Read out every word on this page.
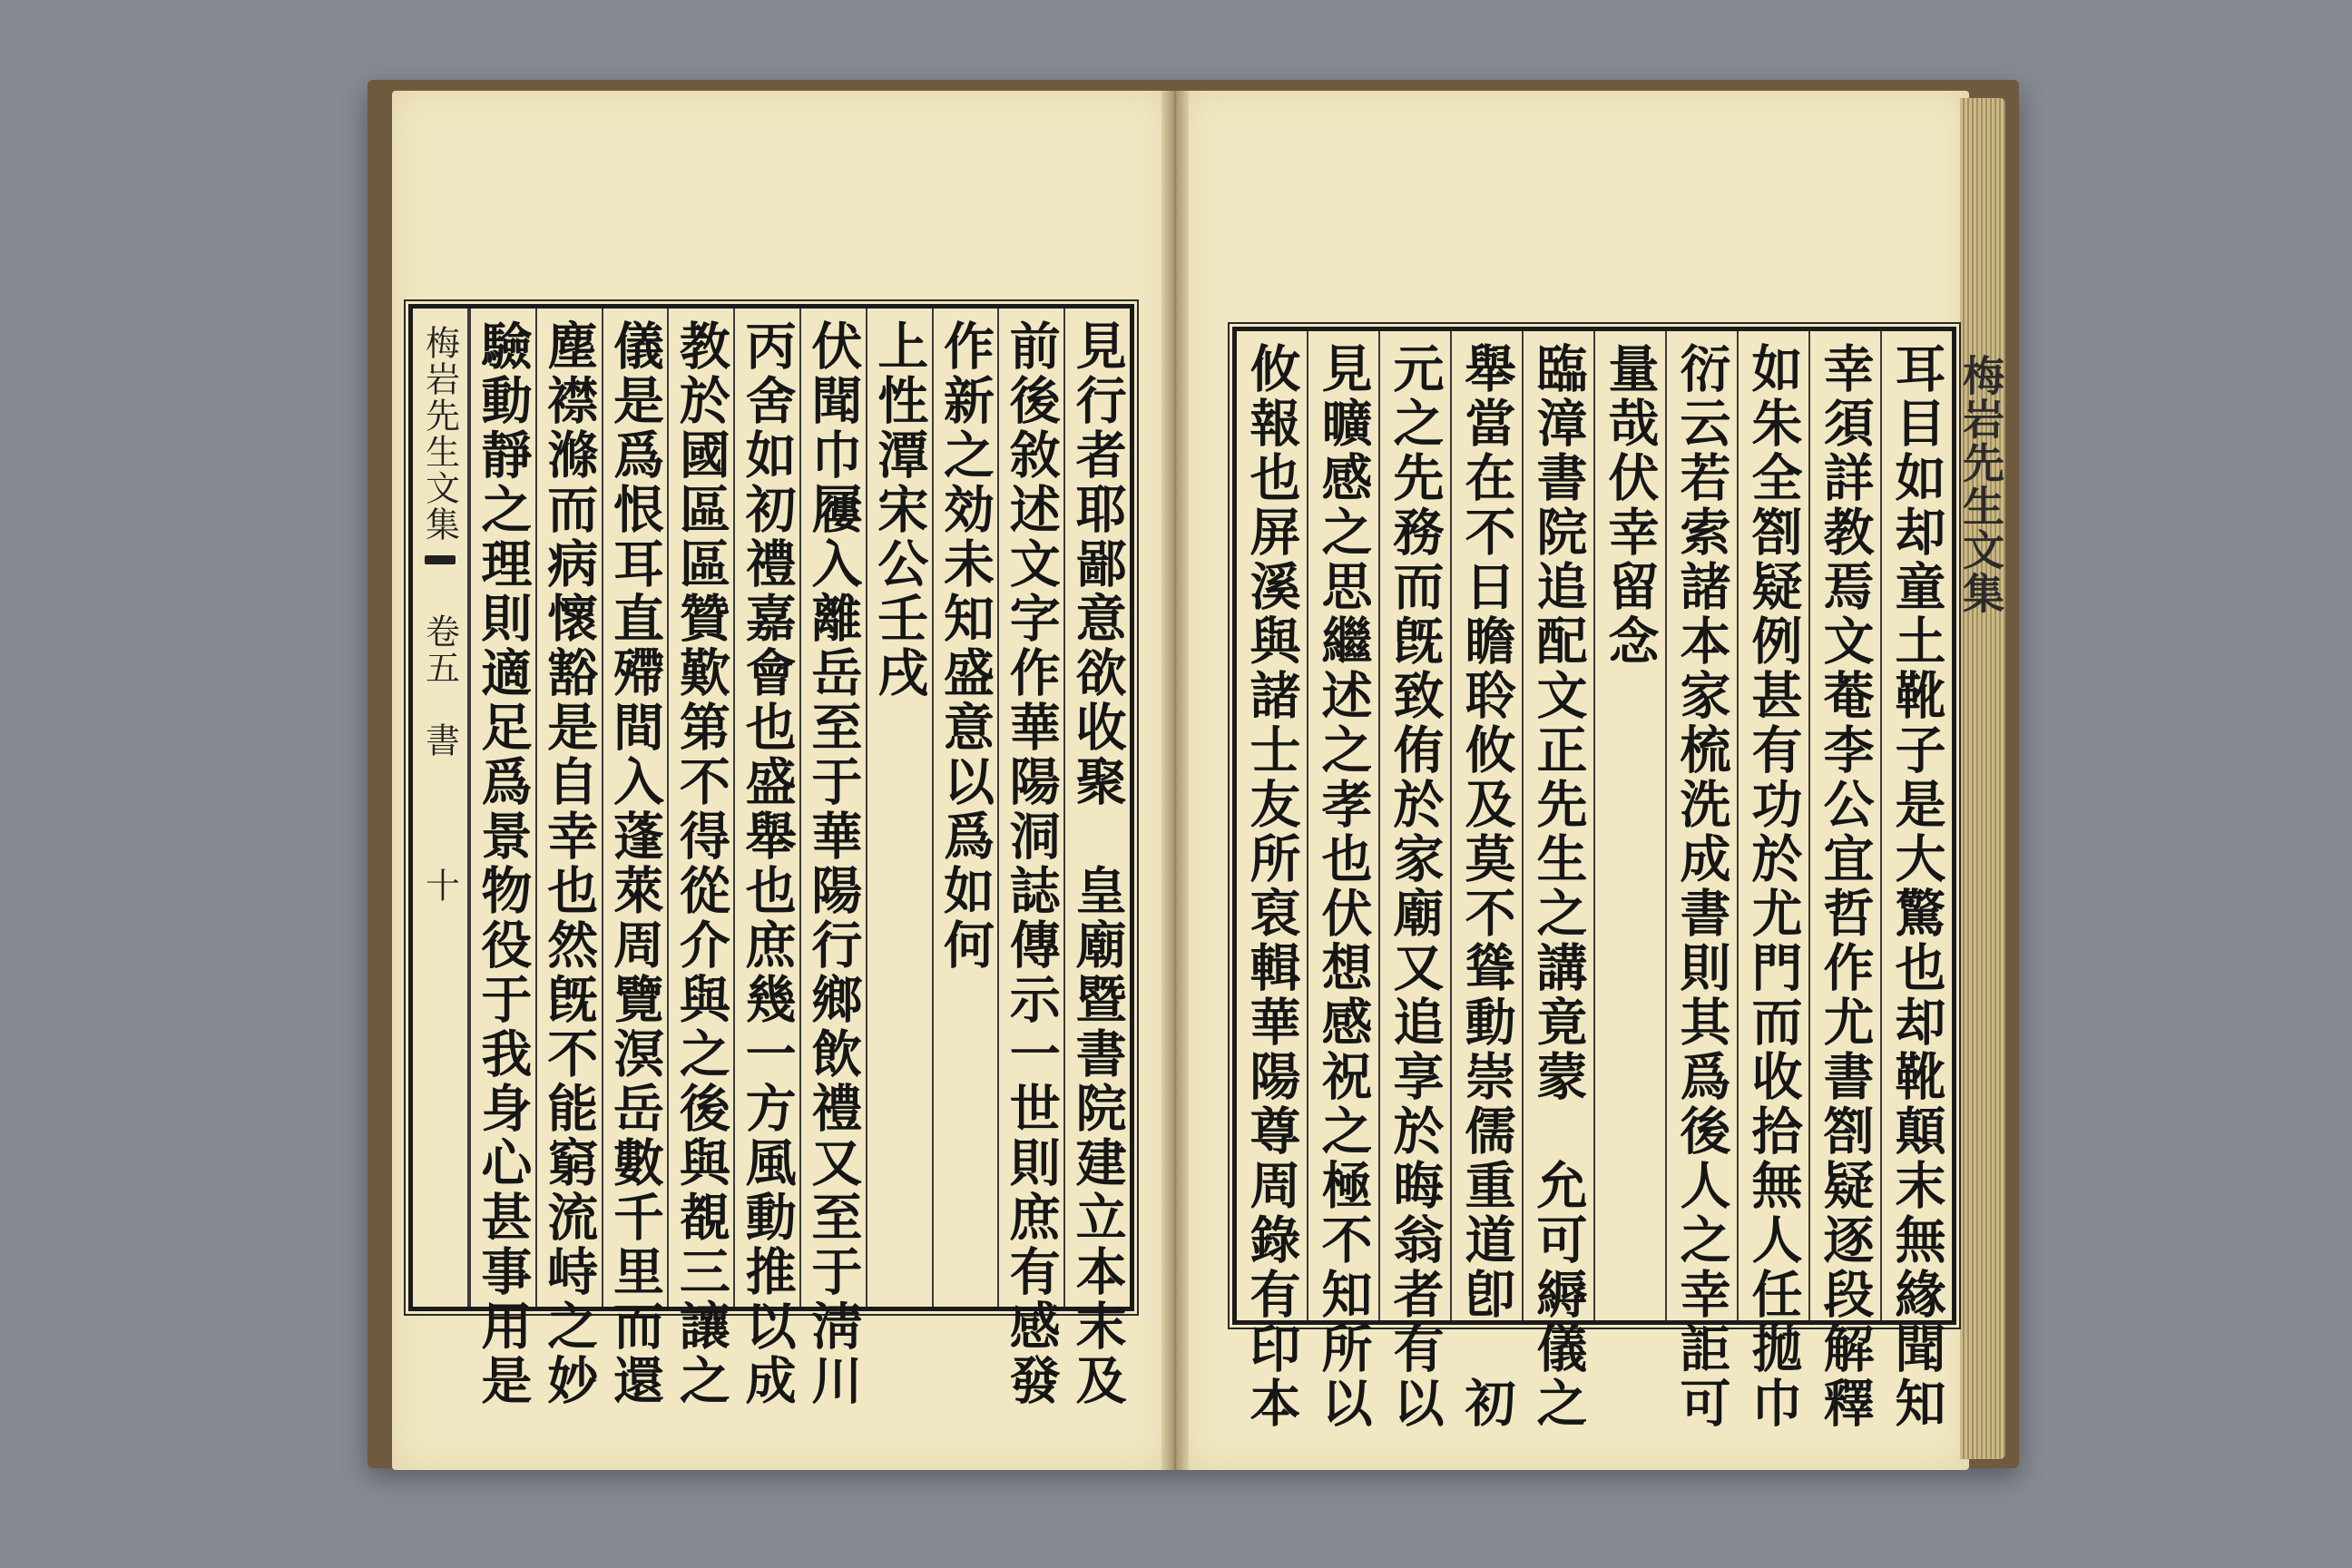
梅岩先生文集
見行者耶鄙意欲收聚　皇廟暨書院建立本末及
前後敘述文字作華陽洞誌傳示一世則庶有感發
作新之効未知盛意以爲如何
上性潭宋公壬戌
伏聞巾屨入離岳至于華陽行鄉飲禮又至于淸川
丙舍如初禮嘉會也盛舉也庶幾一方風動推以成
教於國區區贊歎第不得從介與之後與覩三讓之
儀是爲恨耳直殢間入蓬萊周覽溟岳數千里而還
塵襟滌而病懷豁是自幸也然旣不能窮流峙之妙
驗動靜之理則適足爲景物役于我身心甚事用是
梅岩先生文集
卷五
書
十	耳目如却童土靴子是大驚也却靴顛末無緣聞知
幸須詳教焉文菴李公宜哲作尤書劄疑逐段解釋
如朱全劄疑例甚有功於尤門而收拾無人任拋巾
衍云若索諸本家梳洗成書則其爲後人之幸詎可
量哉伏幸留念
臨漳書院追配文正先生之講竟蒙　允可縟儀之
舉當在不日瞻聆攸及莫不聳動崇儒重道卽　初
元之先務而旣致侑於家廟又追享於晦翁者有以
見曠感之思繼述之孝也伏想感祝之極不知所以
攸報也屏溪與諸士友所裒輯華陽尊周錄有印本
